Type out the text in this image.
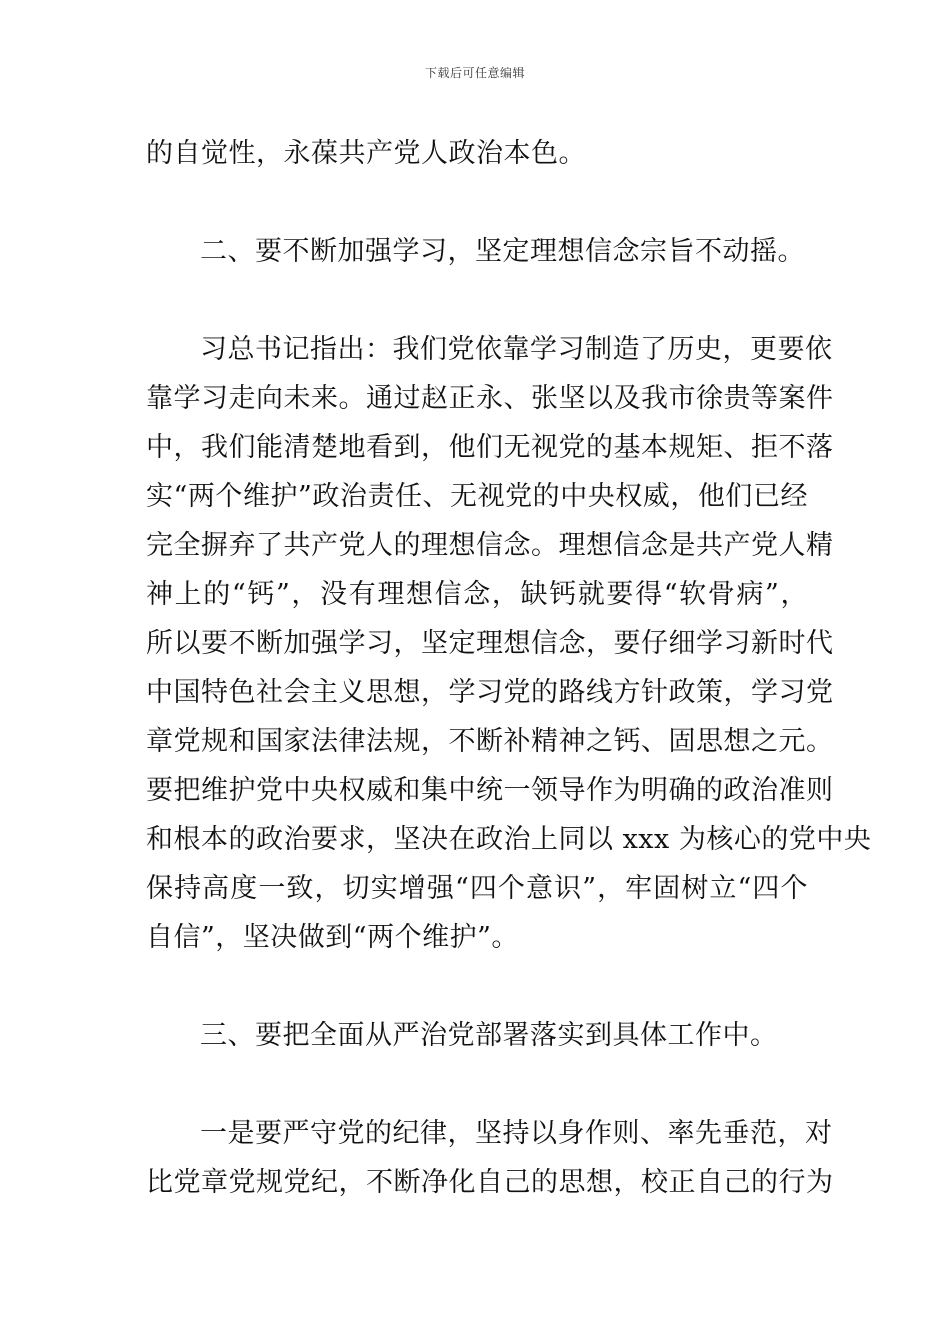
下载后可任意编辑
的自觉性，永葆共产党人政治本色。
二、要不断加强学习，坚定理想信念宗旨不动摇。
习总书记指出：我们党依靠学习制造了历史，更要依
靠学习走向未来。通过赵正永、张坚以及我市徐贵等案件
中，我们能清楚地看到，他们无视党的基本规矩、拒不落
实“两个维护”政治责任、无视党的中央权威，他们已经
完全摒弃了共产党人的理想信念。理想信念是共产党人精
神上的“钙”，没有理想信念，缺钙就要得“软骨病”，
所以要不断加强学习，坚定理想信念，要仔细学习新时代
中国特色社会主义思想，学习党的路线方针政策，学习党
章党规和国家法律法规，不断补精神之钙、固思想之元。
要把维护党中央权威和集中统一领导作为明确的政治准则
和根本的政治要求，坚决在政治上同以 xxx 为核心的党中央
保持高度一致，切实增强“四个意识”，牢固树立“四个
自信”，坚决做到“两个维护”。
三、要把全面从严治党部署落实到具体工作中。
一是要严守党的纪律，坚持以身作则、率先垂范，对
比党章党规党纪，不断净化自己的思想，校正自己的行为
